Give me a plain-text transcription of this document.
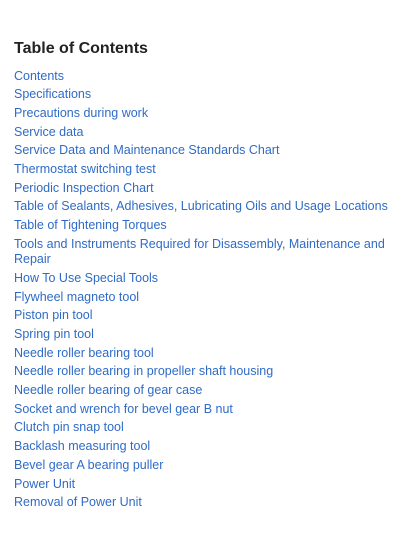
Table of Contents
Contents
Specifications
Precautions during work
Service data
Service Data and Maintenance Standards Chart
Thermostat switching test
Periodic Inspection Chart
Table of Sealants, Adhesives, Lubricating Oils and Usage Locations
Table of Tightening Torques
Tools and Instruments Required for Disassembly, Maintenance and Repair
How To Use Special Tools
Flywheel magneto tool
Piston pin tool
Spring pin tool
Needle roller bearing tool
Needle roller bearing in propeller shaft housing
Needle roller bearing of gear case
Socket and wrench for bevel gear B nut
Clutch pin snap tool
Backlash measuring tool
Bevel gear A bearing puller
Power Unit
Removal of Power Unit
